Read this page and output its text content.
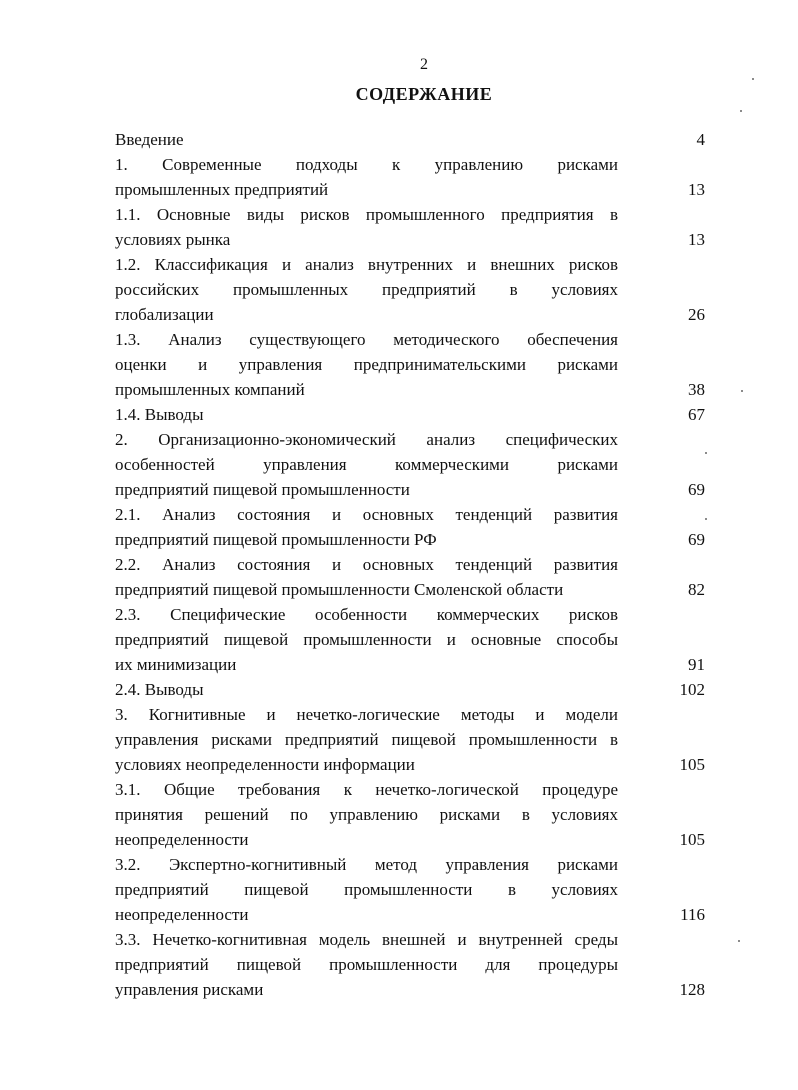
2
СОДЕРЖАНИЕ
Введение	4
1. Современные подходы к управлению рисками
промышленных предприятий	13
1.1. Основные виды рисков промышленного предприятия в
условиях рынка	13
1.2. Классификация и анализ внутренних и внешних рисков
российских промышленных предприятий в условиях
глобализации	26
1.3. Анализ существующего методического обеспечения
оценки и управления предпринимательскими рисками
промышленных компаний	38
1.4. Выводы	67
2. Организационно-экономический анализ специфических
особенностей управления коммерческими рисками
предприятий пищевой промышленности	69
2.1. Анализ состояния и основных тенденций развития
предприятий пищевой промышленности РФ	69
2.2. Анализ состояния и основных тенденций развития
предприятий пищевой промышленности Смоленской области	82
2.3. Специфические особенности коммерческих рисков
предприятий пищевой промышленности и основные способы
их минимизации	91
2.4. Выводы	102
3. Когнитивные и нечетко-логические методы и модели
управления рисками предприятий пищевой промышленности в
условиях неопределенности информации	105
3.1. Общие требования к нечетко-логической процедуре
принятия решений по управлению рисками в условиях
неопределенности	105
3.2. Экспертно-когнитивный метод управления рисками
предприятий пищевой промышленности в условиях
неопределенности	116
3.3. Нечетко-когнитивная модель внешней и внутренней среды
предприятий пищевой промышленности для процедуры
управления рисками	128
